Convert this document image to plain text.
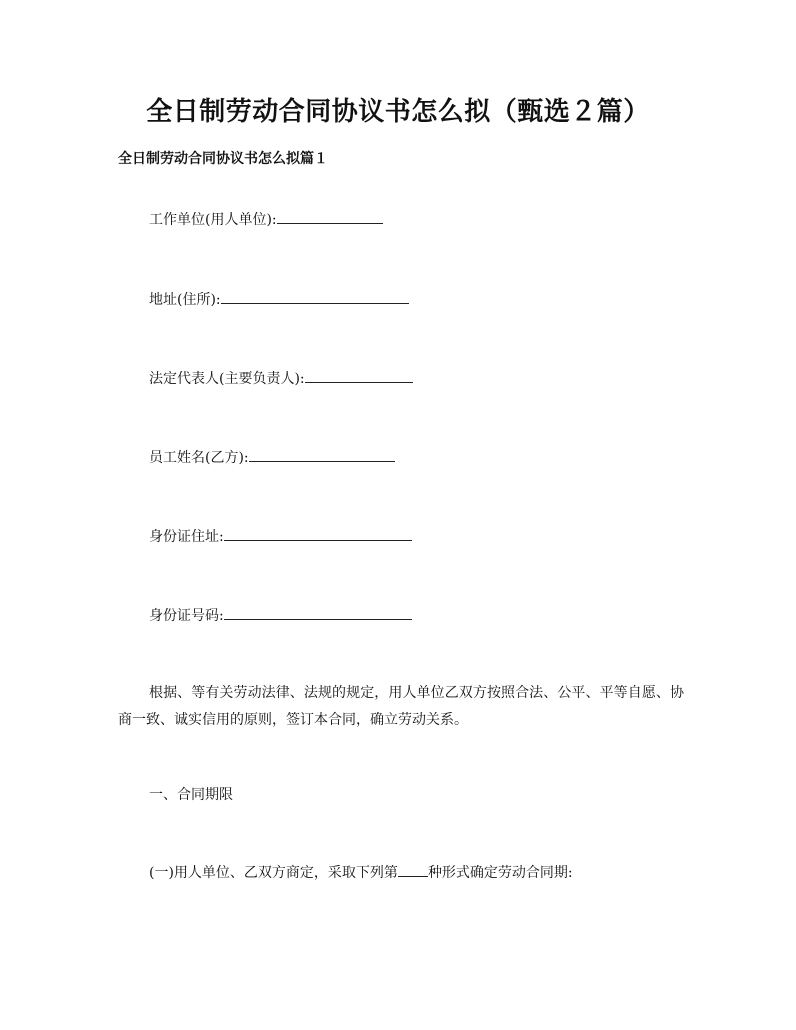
全日制劳动合同协议书怎么拟（甄选２篇）
全日制劳动合同协议书怎么拟篇１

工作单位(用人单位):

地址(住所):

法定代表人(主要负责人):

员工姓名(乙方):

身份证住址:

身份证号码:

根据、等有关劳动法律、法规的规定，用人单位乙双方按照合法、公平、平等自愿、协商一致、诚实信用的原则，签订本合同，确立劳动关系。

一、合同期限

(一)用人单位、乙双方商定，采取下列第 种形式确定劳动合同期:
